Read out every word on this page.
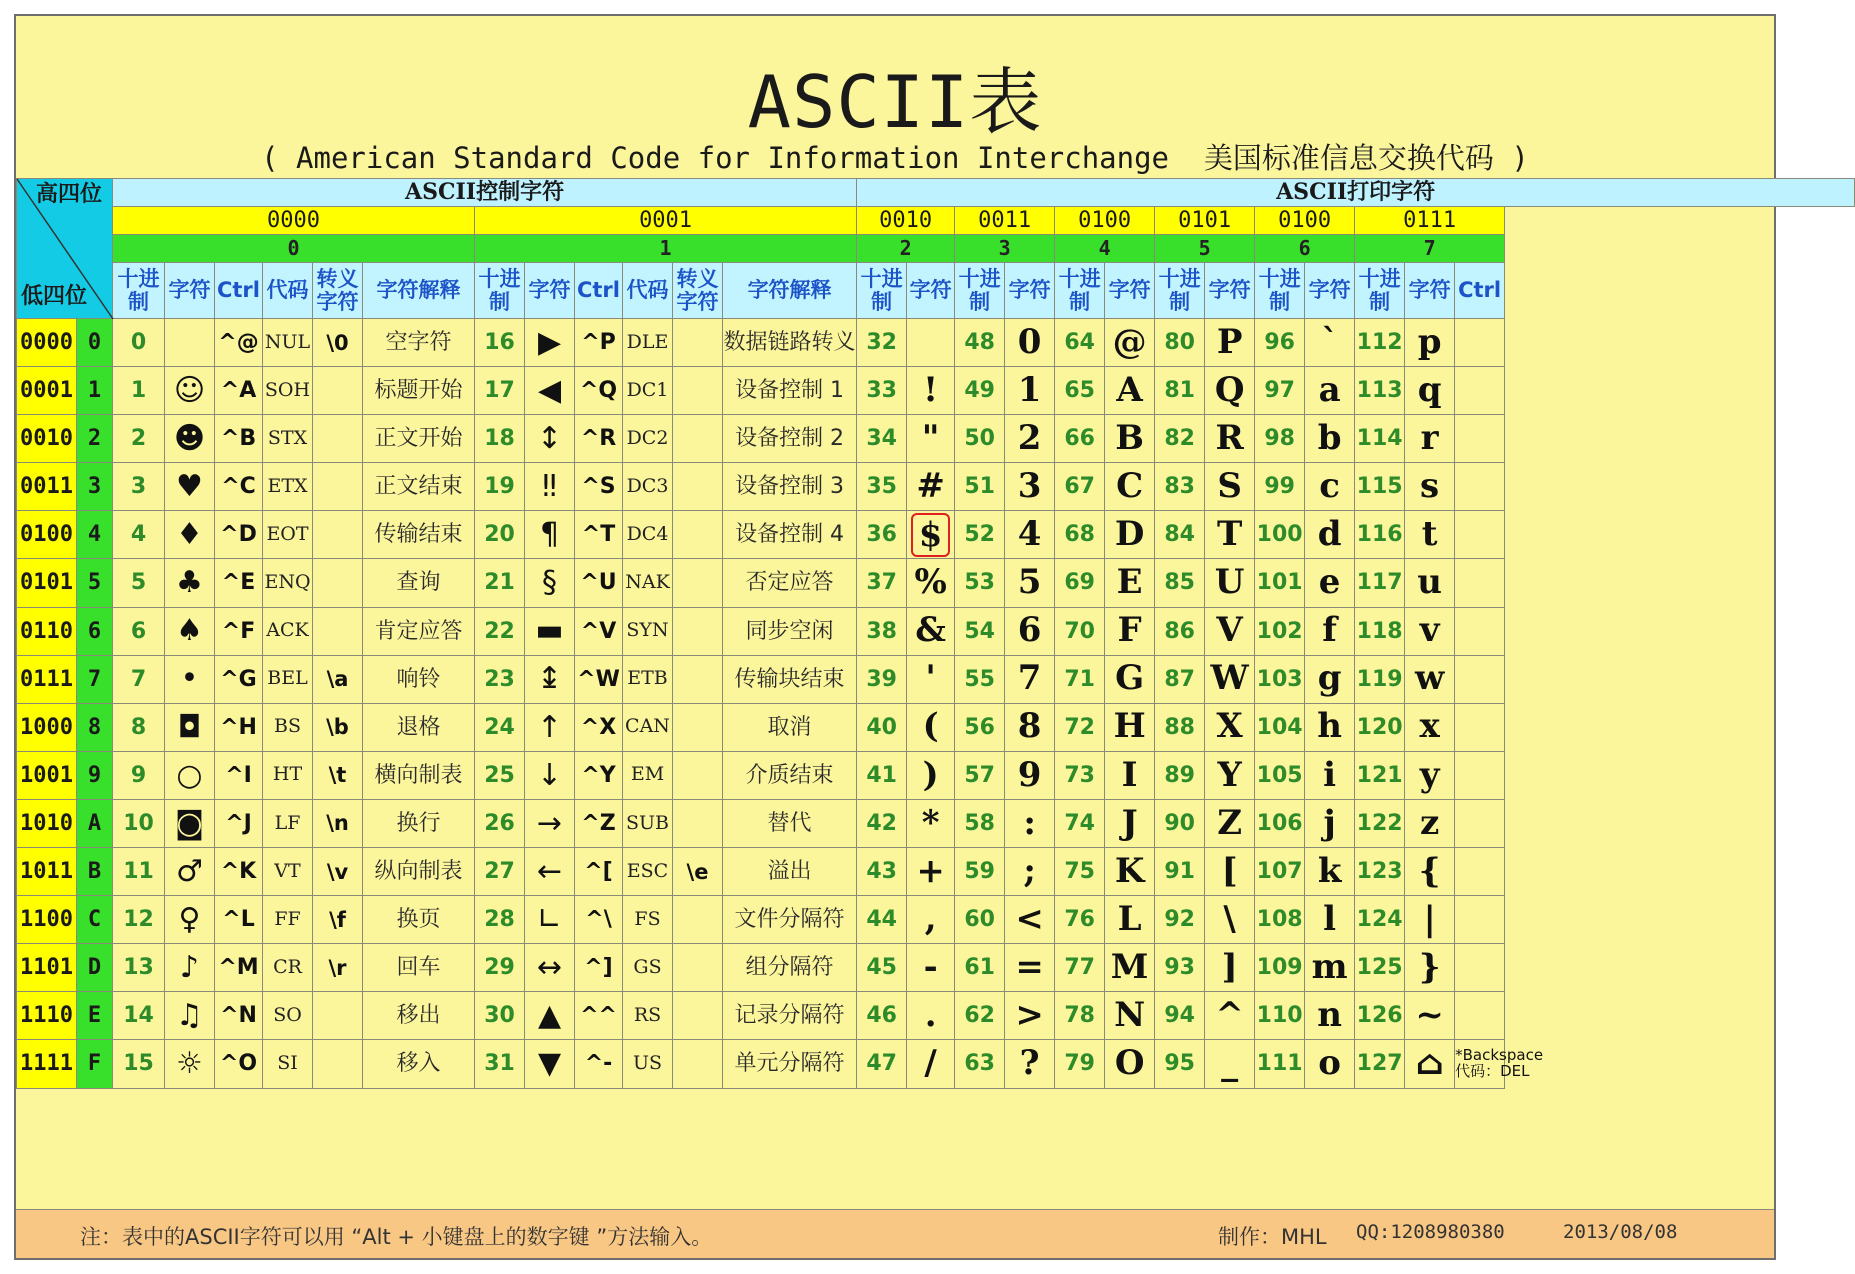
ASCII表
( American Standard Code for Information Interchange  美国标准信息交换代码 )
高四位
低四位		ASCII控制字符												ASCII打印字符												
		0000						0001						0010		0011		0100		0101		0100		0111		
		0						1						2		3		4		5		6		7		
		十进制	字符	Ctrl	代码	转义字符	字符解释	十进制	字符	Ctrl	代码	转义字符	字符解释	十进制	字符	十进制	字符	十进制	字符	十进制	字符	十进制	字符	十进制	字符	Ctrl
0000	0	0		^@	NUL	\0	空字符	16	▶	^P	DLE		数据链路转义	32		48	0	64	@	80	P	96	`	112	p	
0001	1	1	☺	^A	SOH		标题开始	17	◀	^Q	DC1		设备控制 1	33	!	49	1	65	A	81	Q	97	a	113	q	
0010	2	2	☻	^B	STX		正文开始	18	↕	^R	DC2		设备控制 2	34	"	50	2	66	B	82	R	98	b	114	r	
0011	3	3	♥	^C	ETX		正文结束	19	‼	^S	DC3		设备控制 3	35	#	51	3	67	C	83	S	99	c	115	s	
0100	4	4	♦	^D	EOT		传输结束	20	¶	^T	DC4		设备控制 4	36	$	52	4	68	D	84	T	100	d	116	t	
0101	5	5	♣	^E	ENQ		查询	21	§	^U	NAK		否定应答	37	%	53	5	69	E	85	U	101	e	117	u	
0110	6	6	♠	^F	ACK		肯定应答	22	▬	^V	SYN		同步空闲	38	&	54	6	70	F	86	V	102	f	118	v	
0111	7	7	•	^G	BEL	\a	响铃	23	↨	^W	ETB		传输块结束	39	'	55	7	71	G	87	W	103	g	119	w	
1000	8	8	◘	^H	BS	\b	退格	24	↑	^X	CAN		取消	40	(	56	8	72	H	88	X	104	h	120	x	
1001	9	9	○	^I	HT	\t	横向制表	25	↓	^Y	EM		介质结束	41	)	57	9	73	I	89	Y	105	i	121	y	
1010	A	10	◙	^J	LF	\n	换行	26	→	^Z	SUB		替代	42	*	58	:	74	J	90	Z	106	j	122	z	
1011	B	11	♂	^K	VT	\v	纵向制表	27	←	^[	ESC	\e	溢出	43	+	59	;	75	K	91	[	107	k	123	{	
1100	C	12	♀	^L	FF	\f	换页	28	∟	^\	FS		文件分隔符	44	,	60	<	76	L	92	\	108	l	124	|	
1101	D	13	♪	^M	CR	\r	回车	29	↔	^]	GS		组分隔符	45	-	61	=	77	M	93	]	109	m	125	}	
1110	E	14	♫	^N	SO		移出	30	▲	^^	RS		记录分隔符	46	.	62	>	78	N	94	^	110	n	126	~	
1111	F	15	☼	^O	SI		移入	31	▼	^-	US		单元分隔符	47	/	63	?	79	O	95	_	111	o	127	⌂	*Backspace
代码：DEL
注：表中的ASCII字符可以用 “Alt + 小键盘上的数字键 ”方法输入。	制作：MHL QQ:1208980380	2013/08/08
